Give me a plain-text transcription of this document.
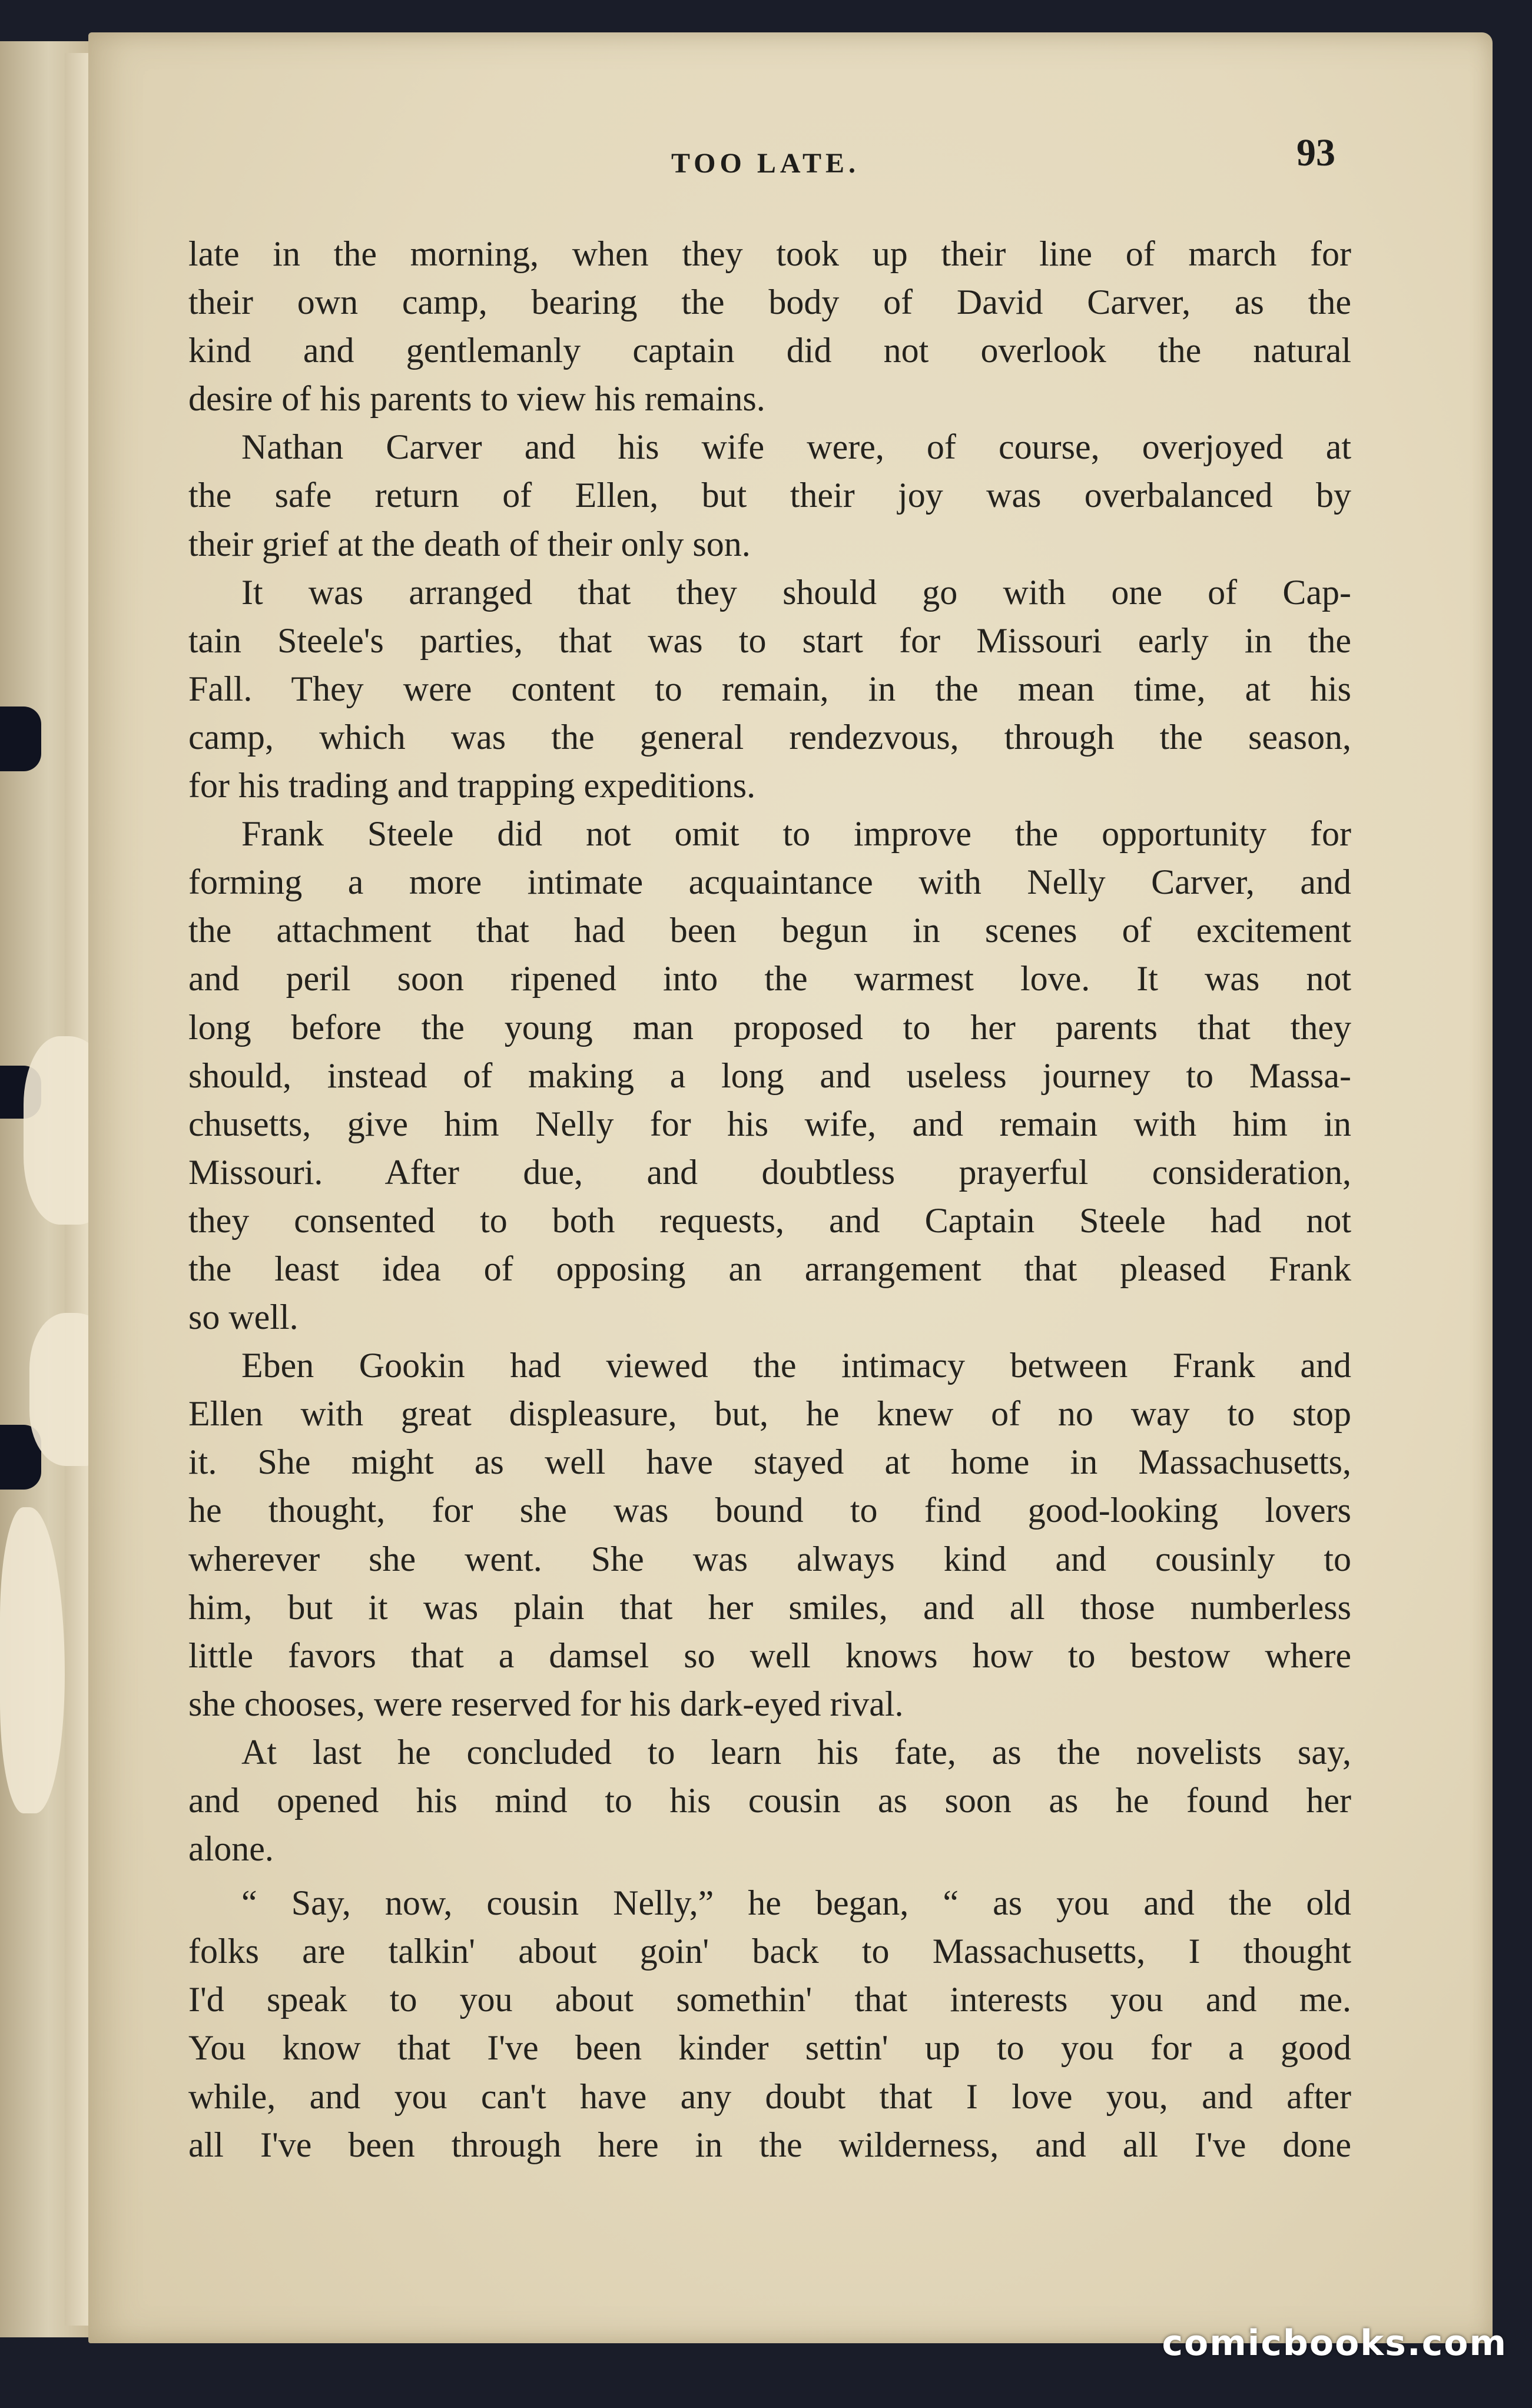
TOO LATE.	93
late in the morning, when they took up their line of march for
their own camp, bearing the body of David Carver, as the
kind and gentlemanly captain did not overlook the natural
desire of his parents to view his remains.
Nathan Carver and his wife were, of course, overjoyed at
the safe return of Ellen, but their joy was overbalanced by
their grief at the death of their only son.
It was arranged that they should go with one of Cap-
tain Steele's parties, that was to start for Missouri early in the
Fall. They were content to remain, in the mean time, at his
camp, which was the general rendezvous, through the season,
for his trading and trapping expeditions.
Frank Steele did not omit to improve the opportunity for
forming a more intimate acquaintance with Nelly Carver, and
the attachment that had been begun in scenes of excitement
and peril soon ripened into the warmest love. It was not
long before the young man proposed to her parents that they
should, instead of making a long and useless journey to Massa-
chusetts, give him Nelly for his wife, and remain with him in
Missouri. After due, and doubtless prayerful consideration,
they consented to both requests, and Captain Steele had not
the least idea of opposing an arrangement that pleased Frank
so well.
Eben Gookin had viewed the intimacy between Frank and
Ellen with great displeasure, but, he knew of no way to stop
it. She might as well have stayed at home in Massachusetts,
he thought, for she was bound to find good-looking lovers
wherever she went. She was always kind and cousinly to
him, but it was plain that her smiles, and all those numberless
little favors that a damsel so well knows how to bestow where
she chooses, were reserved for his dark-eyed rival.
At last he concluded to learn his fate, as the novelists say,
and opened his mind to his cousin as soon as he found her
alone.
“ Say, now, cousin Nelly,” he began, “ as you and the old
folks are talkin' about goin' back to Massachusetts, I thought
I'd speak to you about somethin' that interests you and me.
You know that I've been kinder settin' up to you for a good
while, and you can't have any doubt that I love you, and after
all I've been through here in the wilderness, and all I've done
comicbooks.com
